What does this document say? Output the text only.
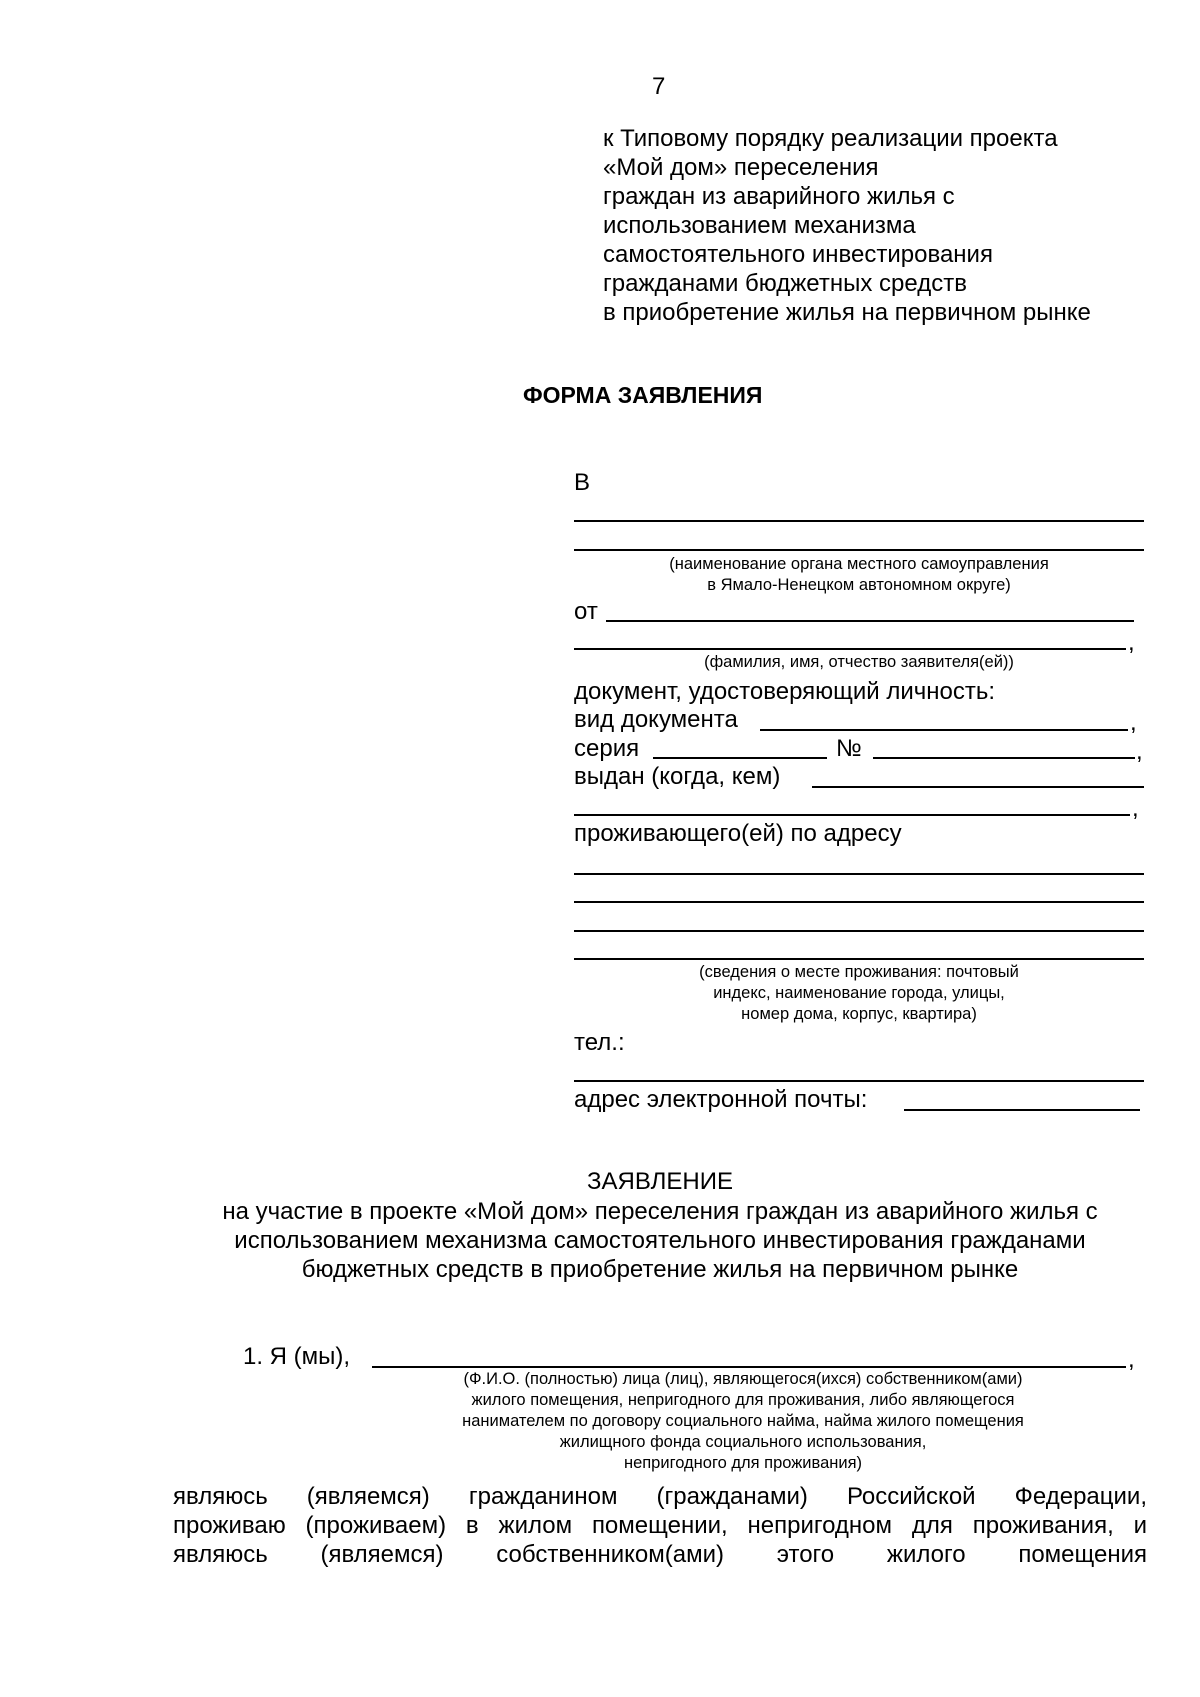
7
к Типовому порядку реализации проекта
«Мой дом» переселения
граждан из аварийного жилья с
использованием механизма
самостоятельного инвестирования
гражданами бюджетных средств
в приобретение жилья на первичном рынке
ФОРМА ЗАЯВЛЕНИЯ
В
(наименование органа местного самоуправления
в Ямало-Ненецком автономном округе)
от
,
(фамилия, имя, отчество заявителя(ей))
документ, удостоверяющий личность:
вид документа	,
серия	№	,
выдан (когда, кем)
,
проживающего(ей) по адресу
(сведения о месте проживания: почтовый
индекс, наименование города, улицы,
номер дома, корпус, квартира)
тел.:
адрес электронной почты:
ЗАЯВЛЕНИЕ
на участие в проекте «Мой дом» переселения граждан из аварийного жилья с
использованием механизма самостоятельного инвестирования гражданами
бюджетных средств в приобретение жилья на первичном рынке
1. Я (мы),	,
(Ф.И.О. (полностью) лица (лиц), являющегося(ихся) собственником(ами)
жилого помещения, непригодного для проживания, либо являющегося
нанимателем по договору социального найма, найма жилого помещения
жилищного фонда социального использования,
непригодного для проживания)
являюсь (являемся) гражданином (гражданами) Российской Федерации,
проживаю (проживаем) в жилом помещении, непригодном для проживания, и
являюсь (являемся) собственником(ами) этого жилого помещения
